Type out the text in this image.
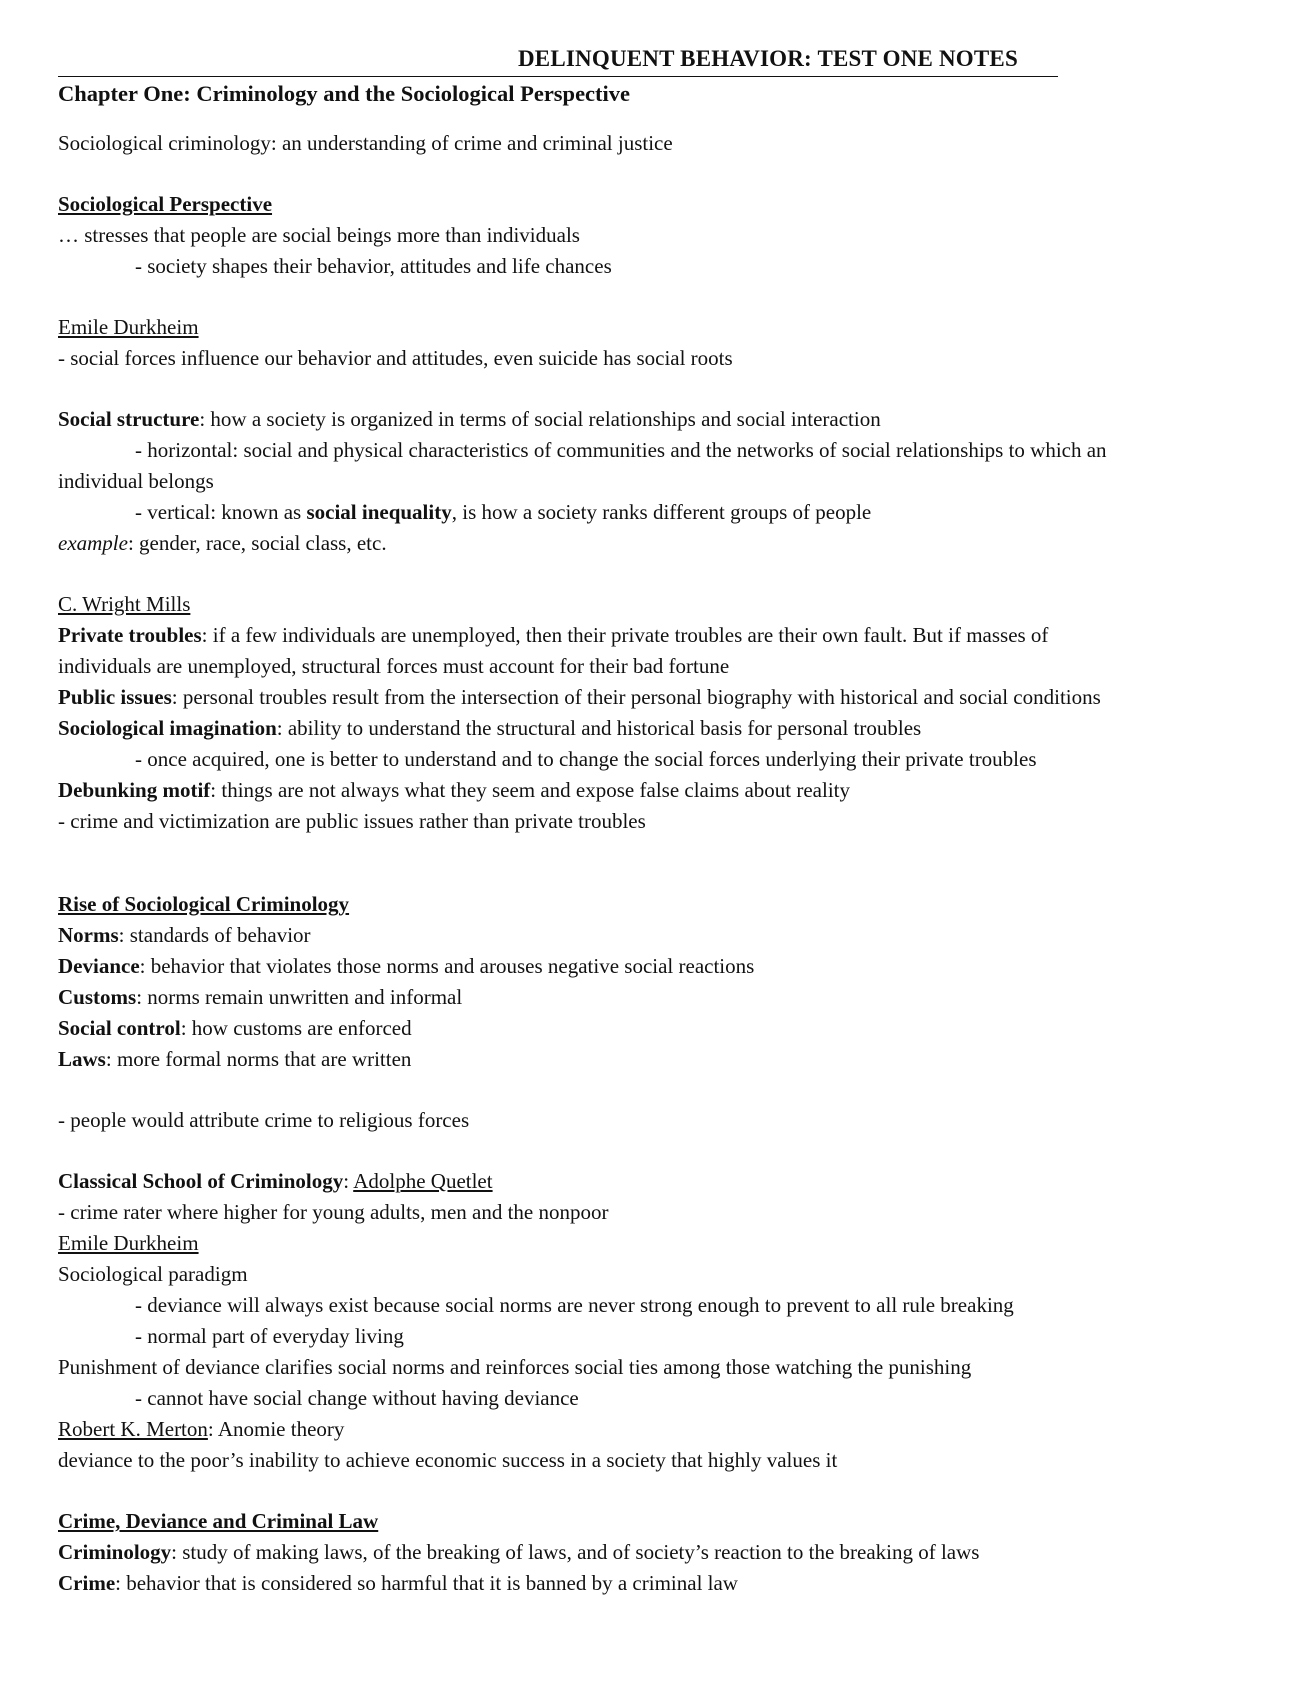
DELINQUENT BEHAVIOR: TEST ONE NOTES

Chapter One: Criminology and the Sociological Perspective

Sociological criminology: an understanding of crime and criminal justice

Sociological Perspective

… stresses that people are social beings more than individuals

- society shapes their behavior, attitudes and life chances

Emile Durkheim

- social forces influence our behavior and attitudes, even suicide has social roots

Social structure: how a society is organized in terms of social relationships and social interaction

- horizontal: social and physical characteristics of communities and the networks of social relationships to which an

individual belongs

- vertical: known as social inequality, is how a society ranks different groups of people

example: gender, race, social class, etc.

C. Wright Mills

Private troubles: if a few individuals are unemployed, then their private troubles are their own fault. But if masses of

individuals are unemployed, structural forces must account for their bad fortune

Public issues: personal troubles result from the intersection of their personal biography with historical and social conditions

Sociological imagination: ability to understand the structural and historical basis for personal troubles

- once acquired, one is better to understand and to change the social forces underlying their private troubles

Debunking motif: things are not always what they seem and expose false claims about reality

- crime and victimization are public issues rather than private troubles

Rise of Sociological Criminology

Norms: standards of behavior

Deviance: behavior that violates those norms and arouses negative social reactions

Customs: norms remain unwritten and informal

Social control: how customs are enforced

Laws: more formal norms that are written

- people would attribute crime to religious forces

Classical School of Criminology: Adolphe Quetlet

- crime rater where higher for young adults, men and the nonpoor

Emile Durkheim

Sociological paradigm

- deviance will always exist because social norms are never strong enough to prevent to all rule breaking

- normal part of everyday living

Punishment of deviance clarifies social norms and reinforces social ties among those watching the punishing

- cannot have social change without having deviance

Robert K. Merton: Anomie theory

deviance to the poor’s inability to achieve economic success in a society that highly values it

Crime, Deviance and Criminal Law

Criminology: study of making laws, of the breaking of laws, and of society’s reaction to the breaking of laws

Crime: behavior that is considered so harmful that it is banned by a criminal law
